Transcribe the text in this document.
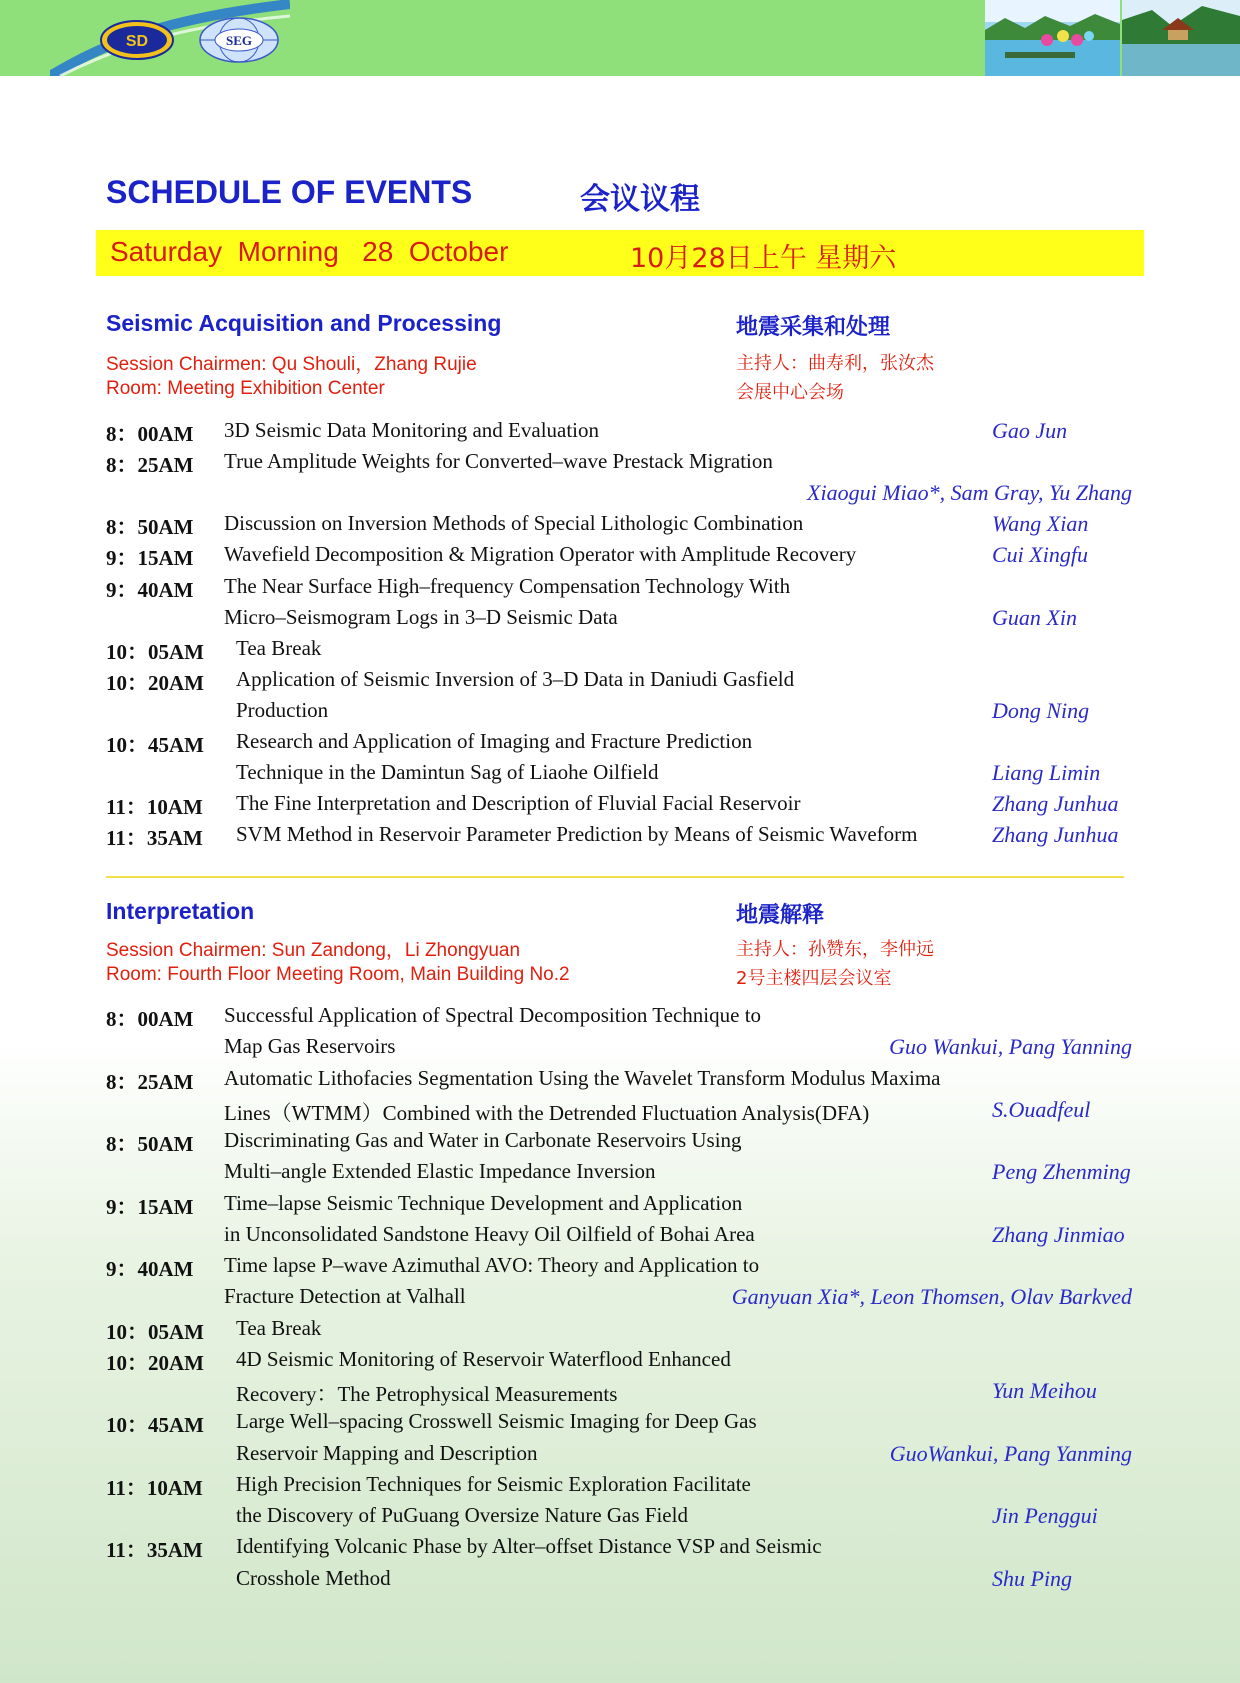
SD	SEG
SCHEDULE OF EVENTS	会议议程
Saturday  Morning   28  October	10月28日上午 星期六
Seismic Acquisition and Processing	地震采集和处理
Session Chairmen: Qu Shouli，Zhang Rujie	主持人：曲寿利，张汝杰
Room: Meeting Exhibition Center	会展中心会场
8：00AM 3D Seismic Data Monitoring and Evaluation	Gao Jun
8：25AM True Amplitude Weights for Converted–wave Prestack Migration
Xiaogui Miao*, Sam Gray, Yu Zhang
8：50AM Discussion on Inversion Methods of Special Lithologic Combination	Wang Xian
9：15AM Wavefield Decomposition & Migration Operator with Amplitude Recovery	Cui Xingfu
9：40AM The Near Surface High–frequency Compensation Technology With
Micro–Seismogram Logs in 3–D Seismic Data	Guan Xin
10：05AM Tea Break
10：20AM Application of Seismic Inversion of 3–D Data in Daniudi Gasfield
Production	Dong Ning
10：45AM Research and Application of Imaging and Fracture Prediction
Technique in the Damintun Sag of Liaohe Oilfield	Liang Limin
11：10AM The Fine Interpretation and Description of Fluvial Facial Reservoir	Zhang Junhua
11：35AM SVM Method in Reservoir Parameter Prediction by Means of Seismic Waveform	Zhang Junhua
Interpretation	地震解释
Session Chairmen: Sun Zandong，Li Zhongyuan	主持人：孙赞东，李仲远
Room: Fourth Floor Meeting Room, Main Building No.2	2号主楼四层会议室
8：00AM Successful Application of Spectral Decomposition Technique to
Map Gas Reservoirs	Guo Wankui, Pang Yanning
8：25AM Automatic Lithofacies Segmentation Using the Wavelet Transform Modulus Maxima
Lines（WTMM）Combined with the Detrended Fluctuation Analysis(DFA)	S.Ouadfeul
8：50AM Discriminating Gas and Water in Carbonate Reservoirs Using
Multi–angle Extended Elastic Impedance Inversion	Peng Zhenming
9：15AM Time–lapse Seismic Technique Development and Application
in Unconsolidated Sandstone Heavy Oil Oilfield of Bohai Area	Zhang Jinmiao
9：40AM Time lapse P–wave Azimuthal AVO: Theory and Application to
Fracture Detection at Valhall	Ganyuan Xia*, Leon Thomsen, Olav Barkved
10：05AM Tea Break
10：20AM 4D Seismic Monitoring of Reservoir Waterflood Enhanced
Recovery：The Petrophysical Measurements	Yun Meihou
10：45AM Large Well–spacing Crosswell Seismic Imaging for Deep Gas
Reservoir Mapping and Description	GuoWankui, Pang Yanming
11：10AM High Precision Techniques for Seismic Exploration Facilitate
the Discovery of PuGuang Oversize Nature Gas Field	Jin Penggui
11：35AM Identifying Volcanic Phase by Alter–offset Distance VSP and Seismic
Crosshole Method	Shu Ping
